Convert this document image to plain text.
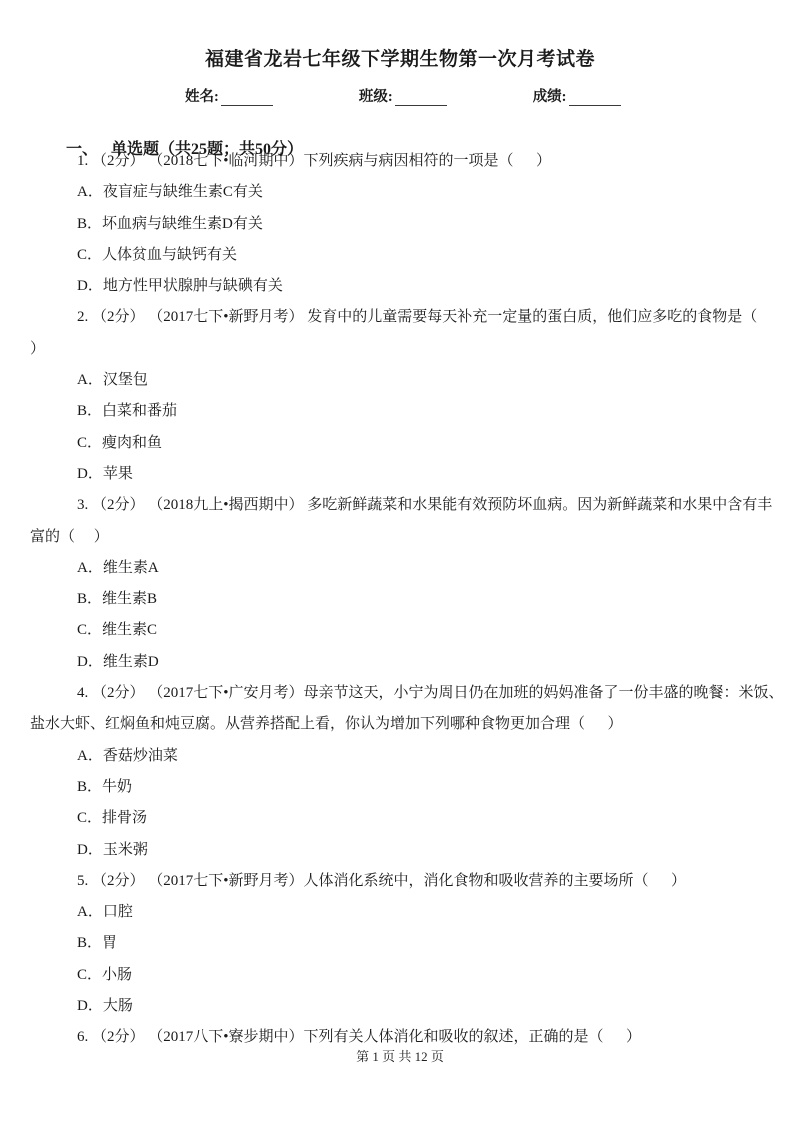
福建省龙岩七年级下学期生物第一次月考试卷
姓名:	班级:	成绩:

一、 单选题（共25题；共50分）

1. （2分） （2018七下•临河期中）下列疾病与病因相符的一项是（      ）
A．夜盲症与缺维生素C有关
B．坏血病与缺维生素D有关
C．人体贫血与缺钙有关
D．地方性甲状腺肿与缺碘有关
2. （2分） （2017七下•新野月考） 发育中的儿童需要每天补充一定量的蛋白质，他们应多吃的食物是（
）
A．汉堡包
B．白菜和番茄
C．瘦肉和鱼
D．苹果
3. （2分） （2018九上•揭西期中） 多吃新鲜蔬菜和水果能有效预防坏血病。因为新鲜蔬菜和水果中含有丰
富的（     ）
A．维生素A
B．维生素B
C．维生素C
D．维生素D
4. （2分） （2017七下•广安月考）母亲节这天，小宁为周日仍在加班的妈妈准备了一份丰盛的晚餐：米饭、
盐水大虾、红焖鱼和炖豆腐。从营养搭配上看，你认为增加下列哪种食物更加合理（      ）
A．香菇炒油菜
B．牛奶
C．排骨汤
D．玉米粥
5. （2分） （2017七下•新野月考）人体消化系统中，消化食物和吸收营养的主要场所（      ）
A．口腔
B．胃
C．小肠
D．大肠
6. （2分） （2017八下•寮步期中）下列有关人体消化和吸收的叙述，正确的是（      ）
第 1 页 共 12 页
